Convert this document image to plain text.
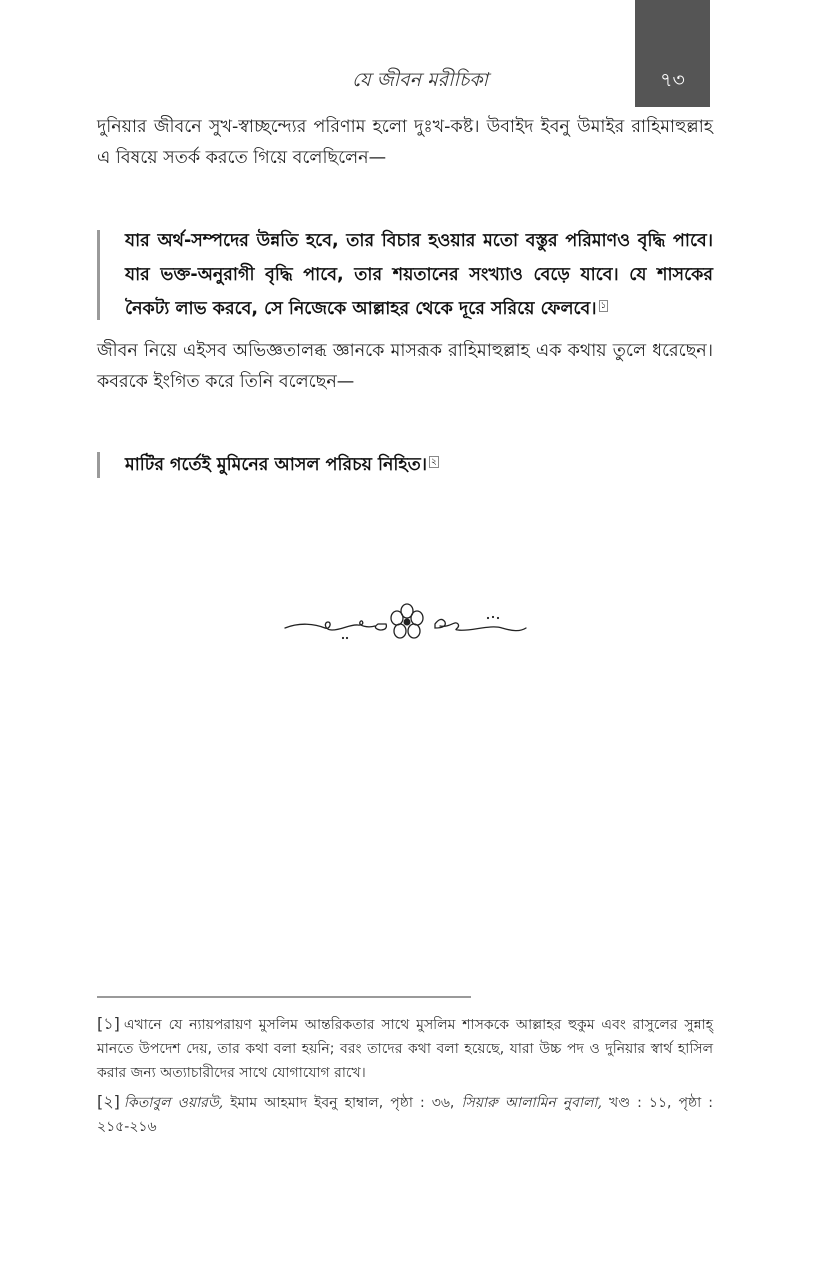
৭৩
যে জীবন মরীচিকা

দুনিয়ার জীবনে সুখ-স্বাচ্ছন্দ্যের পরিণাম হলো দুঃখ-কষ্ট। উবাইদ ইবনু উমাইর রাহিমাহুল্লাহ এ বিষয়ে সতর্ক করতে গিয়ে বলেছিলেন—

যার অর্থ-সম্পদের উন্নতি হবে, তার বিচার হওয়ার মতো বস্তুর পরিমাণও বৃদ্ধি পাবে। যার ভক্ত-অনুরাগী বৃদ্ধি পাবে, তার শয়তানের সংখ্যাও বেড়ে যাবে। যে শাসকের নৈকট্য লাভ করবে, সে নিজেকে আল্লাহর থেকে দূরে সরিয়ে ফেলবে। $^১$

জীবন নিয়ে এইসব অভিজ্ঞতালব্ধ জ্ঞানকে মাসরূক রাহিমাহুল্লাহ এক কথায় তুলে ধরেছেন। কবরকে ইংগিত করে তিনি বলেছেন—

মাটির গর্তেই মুমিনের আসল পরিচয় নিহিত। $^২$
[১] এখানে যে ন্যায়পরায়ণ মুসলিম আন্তরিকতার সাথে মুসলিম শাসককে আল্লাহর হুকুম এবং রাসুলের সুন্নাহ্ মানতে উপদেশ দেয়, তার কথা বলা হয়নি; বরং তাদের কথা বলা হয়েছে, যারা উচ্চ পদ ও দুনিয়ার স্বার্থ হাসিল করার জন্য অত্যাচারীদের সাথে যোগাযোগ রাখে।
[২] কিতাবুল ওয়ারউ, ইমাম আহমাদ ইবনু হাম্বাল, পৃষ্ঠা : ৩৬, সিয়ারু আলামিন নুবালা, খণ্ড : ১১, পৃষ্ঠা : ২১৫-২১৬
